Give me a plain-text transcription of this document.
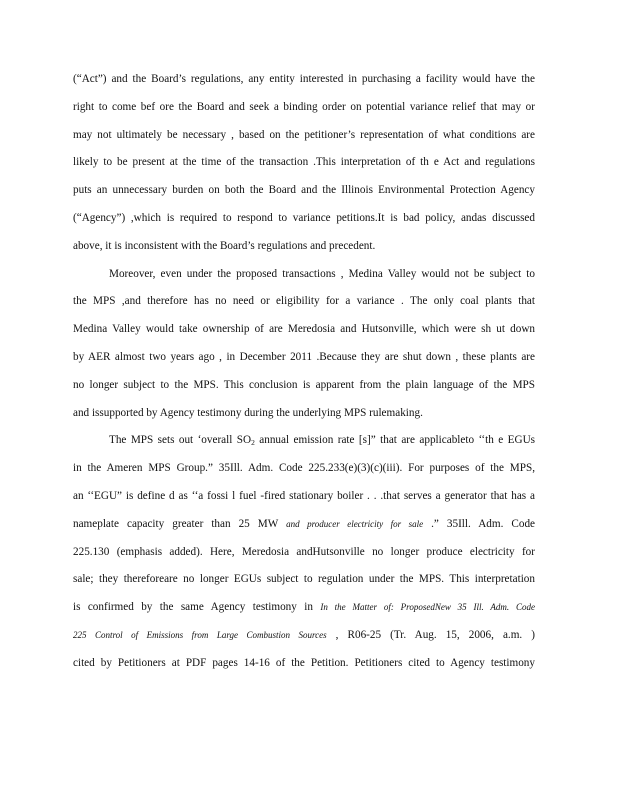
(“Act”) and the Board’s regulations, any entity interested in purchasing a facility would have the
right to come bef ore the Board and seek a binding order on potential variance relief that may or
may not ultimately be necessary , based on the petitioner’s representation of what conditions are
likely to be present at the time of the transaction .This interpretation of th e Act and regulations
puts an unnecessary burden on both the Board and the Illinois Environmental Protection Agency
(“Agency”) ,which is required to respond to variance petitions.It is bad policy, andas discussed
above, it is inconsistent with the Board’s regulations and precedent.
Moreover, even under the proposed transactions , Medina Valley would not be subject to
the MPS ,and therefore has no need or eligibility for a variance . The only coal plants that
Medina Valley would take ownership of are Meredosia and Hutsonville, which were sh ut down
by AER almost two years ago , in December 2011 .Because they are shut down , these plants are
no longer subject to the MPS. This conclusion is apparent from the plain language of the MPS
and issupported by Agency testimony during the underlying MPS rulemaking.
The MPS sets out ‘overall $SO_2$ annual emission rate [s]” that are applicableto ‘‘th e EGUs
in the Ameren MPS Group.” 35Ill. Adm. Code 225.233(e)(3)(c)(iii). For purposes of the MPS,
an ‘‘EGU” is define d as ‘‘a fossi l fuel -fired stationary boiler . . .that serves a generator that has a
nameplate capacity greater than 25 MW and producer electricity for sale .” 35Ill. Adm. Code
225.130 (emphasis added). Here, Meredosia andHutsonville no longer produce electricity for
sale; they thereforeare no longer EGUs subject to regulation under the MPS. This interpretation
is confirmed by the same Agency testimony in In the Matter of: ProposedNew 35 Ill. Adm. Code
225 Control of Emissions from Large Combustion Sources , R06-25 (Tr. Aug. 15, 2006, a.m. )
cited by Petitioners at PDF pages 14-16 of the Petition. Petitioners cited to Agency testimony
